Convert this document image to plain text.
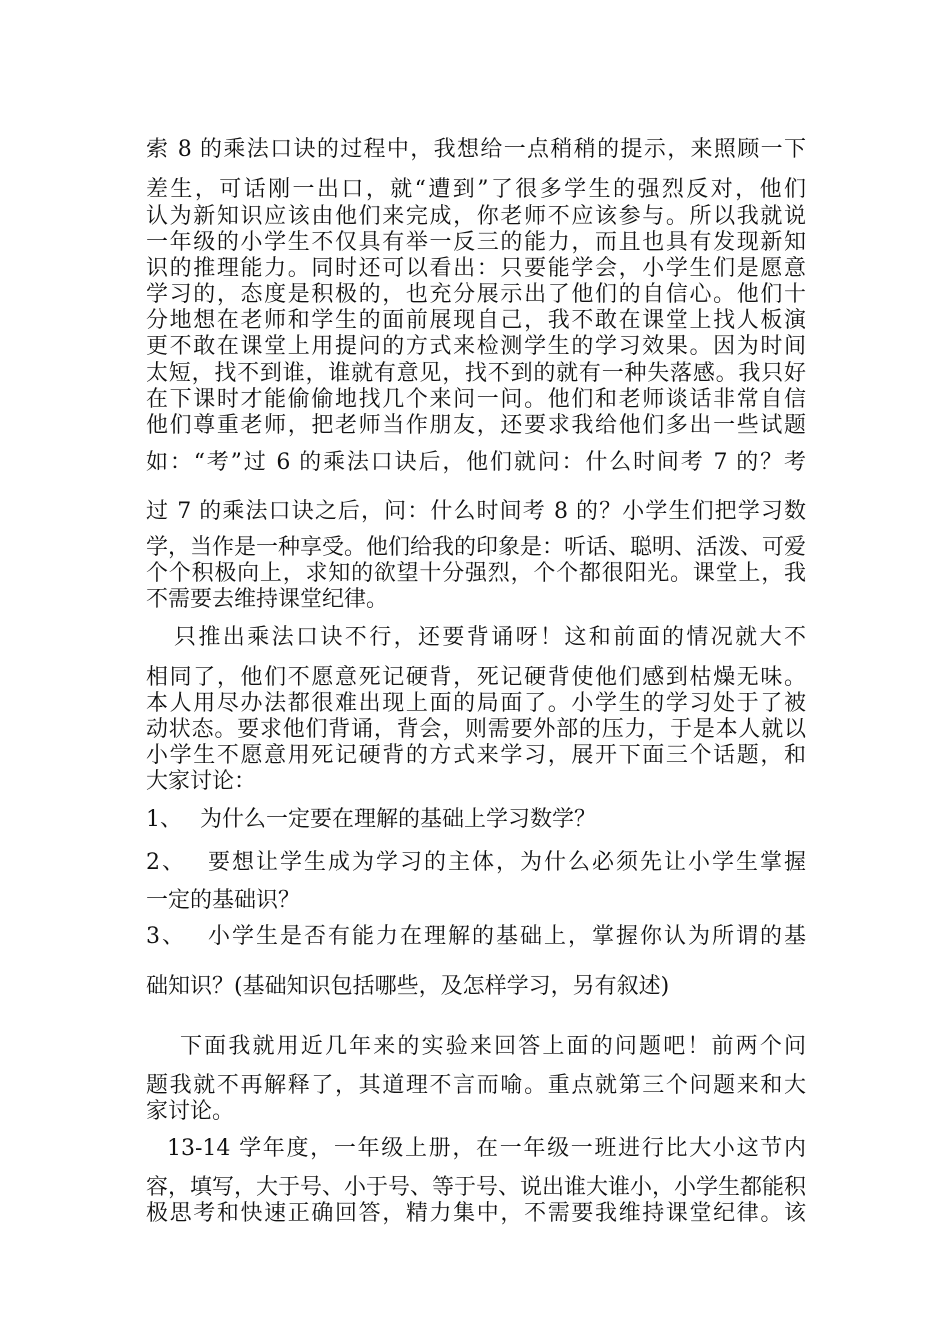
索 8 的乘法口诀的过程中，我想给一点稍稍的提示，来照顾一下
差生，可话刚一出口，就“遭到”了很多学生的强烈反对，他们
认为新知识应该由他们来完成，你老师不应该参与。所以我就说
一年级的小学生不仅具有举一反三的能力，而且也具有发现新知
识的推理能力。同时还可以看出：只要能学会，小学生们是愿意
学习的，态度是积极的，也充分展示出了他们的自信心。他们十
分地想在老师和学生的面前展现自己，我不敢在课堂上找人板演
更不敢在课堂上用提问的方式来检测学生的学习效果。因为时间
太短，找不到谁，谁就有意见，找不到的就有一种失落感。我只好
在下课时才能偷偷地找几个来问一问。他们和老师谈话非常自信
他们尊重老师，把老师当作朋友，还要求我给他们多出一些试题
如：“考”过 6 的乘法口诀后，他们就问：什么时间考 7 的？考
过 7 的乘法口诀之后，问：什么时间考 8 的？小学生们把学习数
学，当作是一种享受。他们给我的印象是：听话、聪明、活泼、可爱
个个积极向上，求知的欲望十分强烈，个个都很阳光。课堂上，我
不需要去维持课堂纪律。
只推出乘法口诀不行，还要背诵呀！这和前面的情况就大不
相同了，他们不愿意死记硬背，死记硬背使他们感到枯燥无味。
本人用尽办法都很难出现上面的局面了。小学生的学习处于了被
动状态。要求他们背诵，背会，则需要外部的压力，于是本人就以
小学生不愿意用死记硬背的方式来学习，展开下面三个话题，和
大家讨论：
1、　 为什么一定要在理解的基础上学习数学？
2、　 要想让学生成为学习的主体，为什么必须先让小学生掌握
一定的基础识？
3、　 小学生是否有能力在理解的基础上，掌握你认为所谓的基
础知识？(基础知识包括哪些，及怎样学习，另有叙述)
下面我就用近几年来的实验来回答上面的问题吧！前两个问
题我就不再解释了，其道理不言而喻。重点就第三个问题来和大
家讨论。
13-14 学年度，一年级上册，在一年级一班进行比大小这节内
容，填写，大于号、小于号、等于号、说出谁大谁小，小学生都能积
极思考和快速正确回答，精力集中，不需要我维持课堂纪律。该
